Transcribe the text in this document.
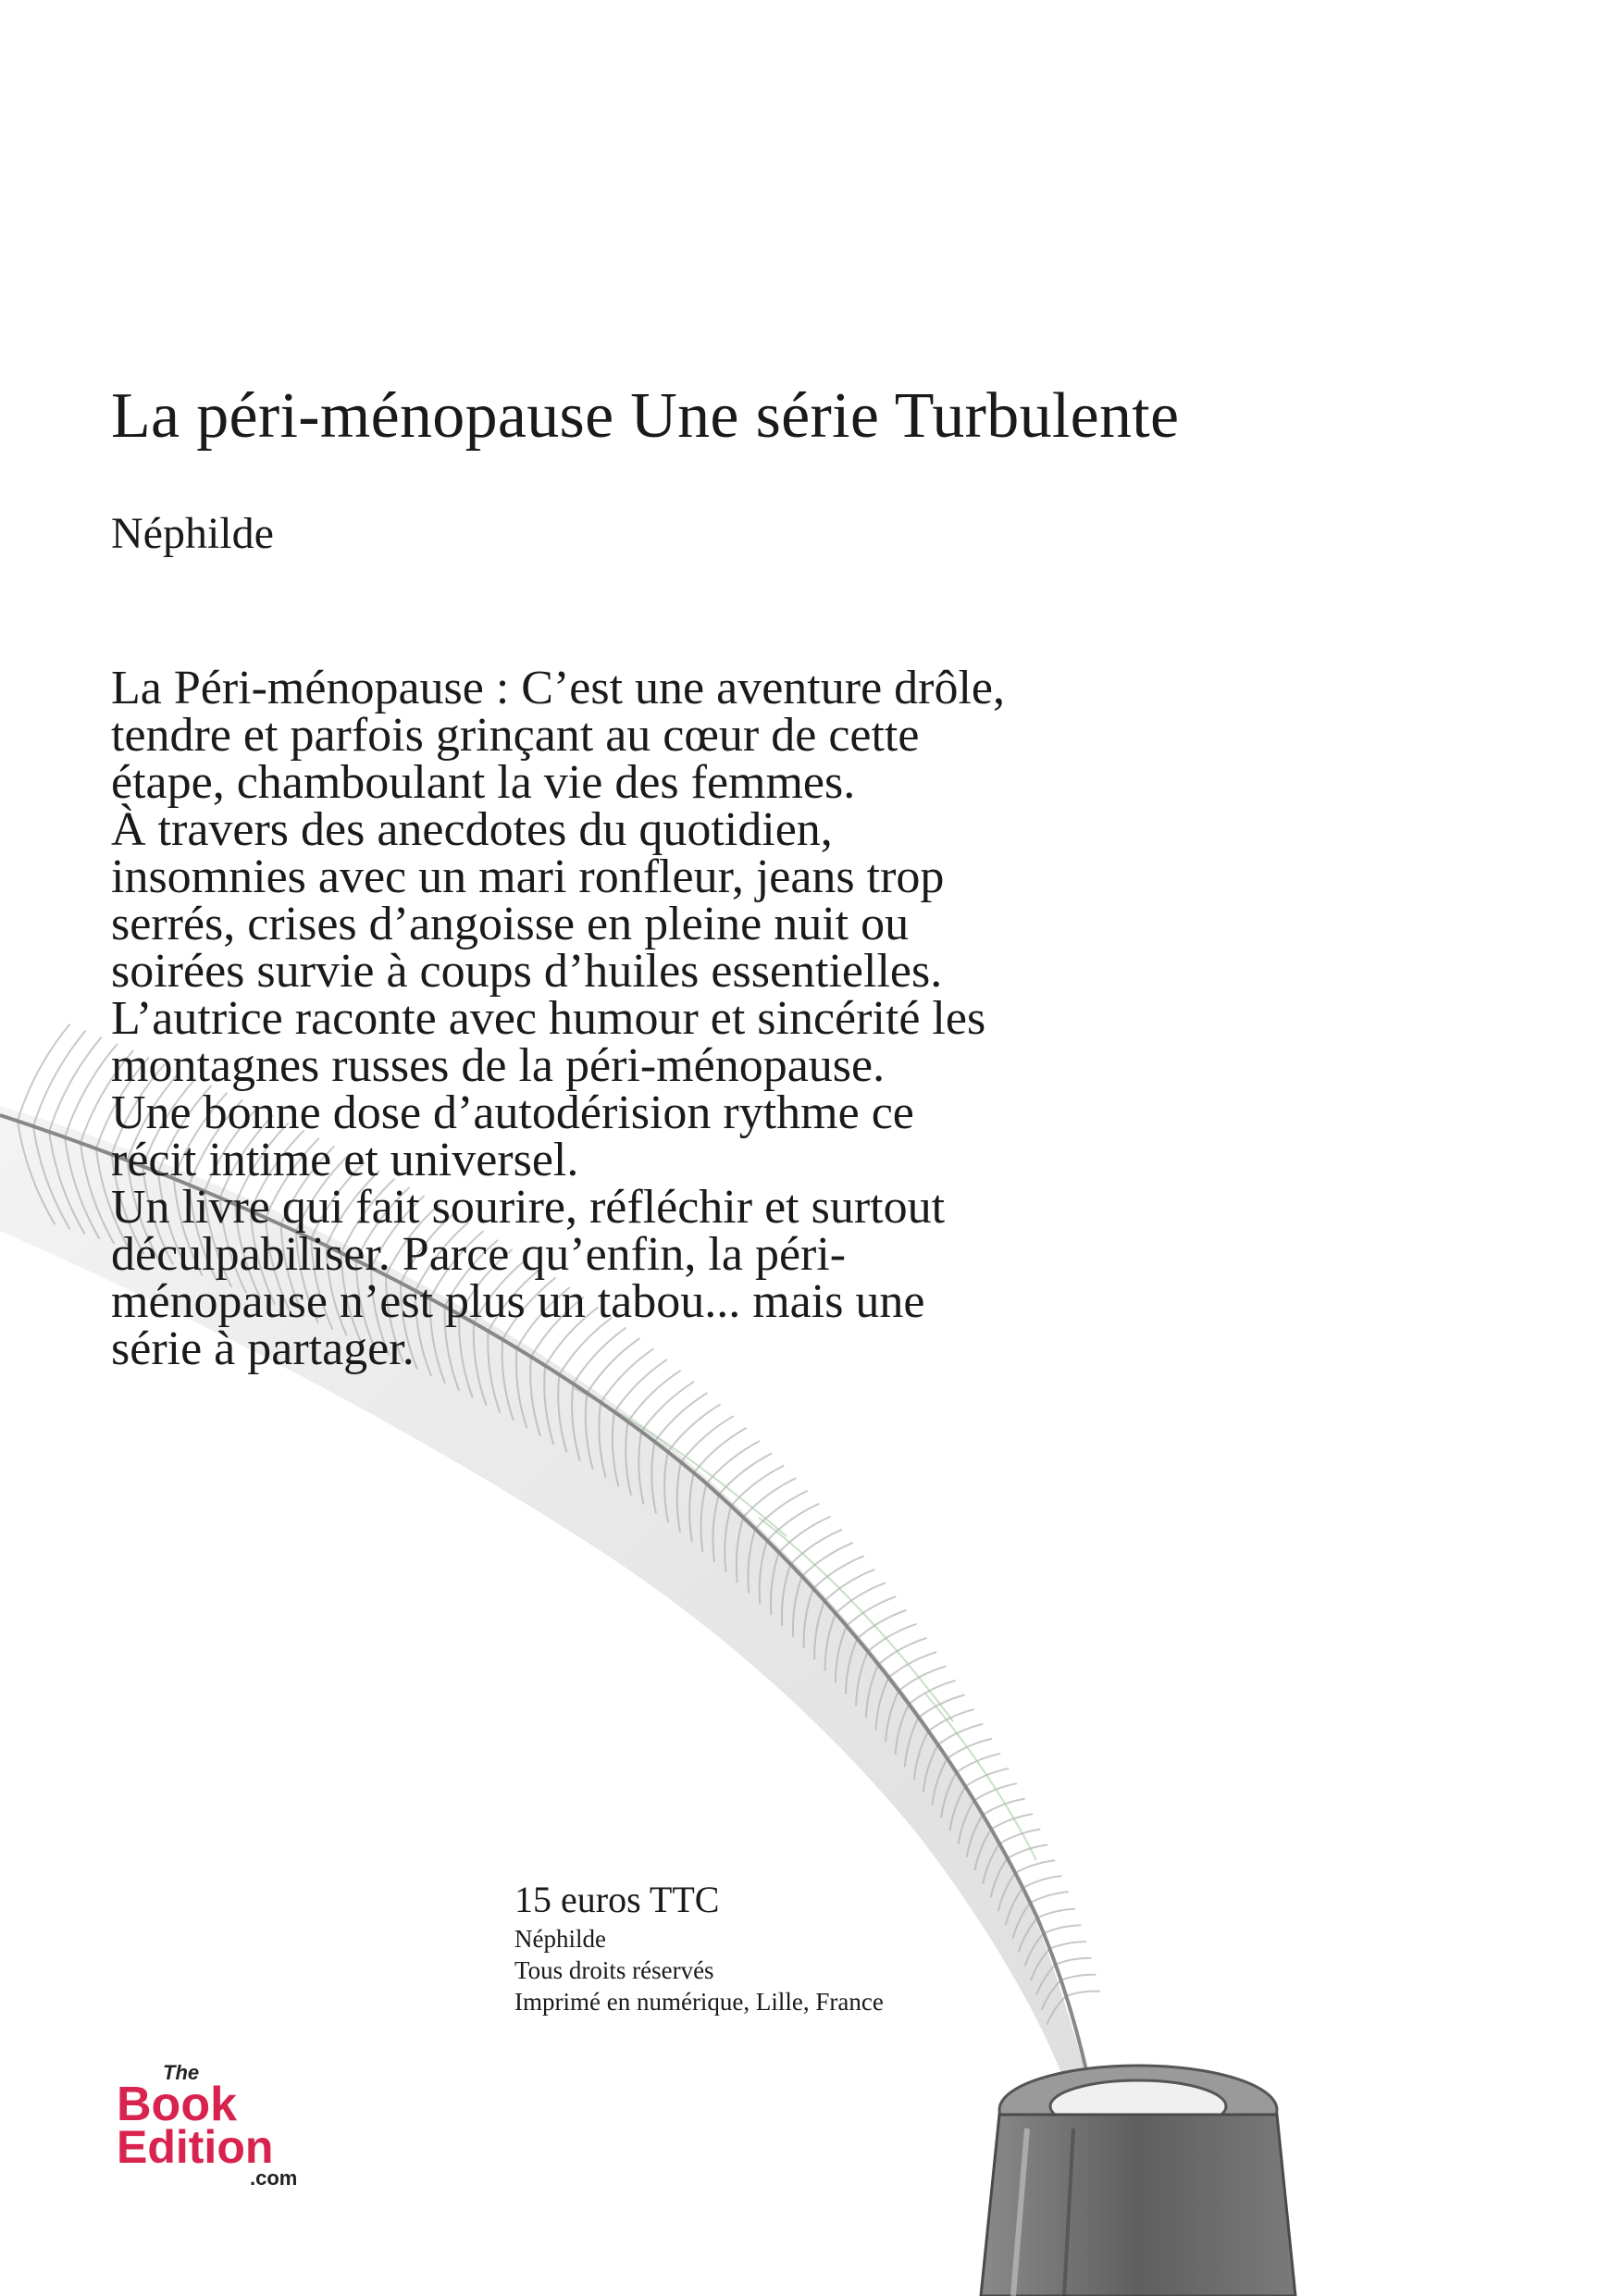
La péri-ménopause Une série Turbulente

Néphilde

La Péri-ménopause : C’est une aventure drôle,
tendre et parfois grinçant au cœur de cette
étape, chamboulant la vie des femmes.
À travers des anecdotes du quotidien,
insomnies avec un mari ronfleur, jeans trop
serrés, crises d’angoisse en pleine nuit ou
soirées survie à coups d’huiles essentielles.
L’autrice raconte avec humour et sincérité les
montagnes russes de la péri-ménopause.
Une bonne dose d’autodérision rythme ce
récit intime et universel.
Un livre qui fait sourire, réfléchir et surtout
déculpabiliser. Parce qu’enfin, la péri-
ménopause n’est plus un tabou... mais une
série à partager.

15 euros TTC

Néphilde

Tous droits réservés

Imprimé en numérique, Lille, France

The
Book
Edition
.com
